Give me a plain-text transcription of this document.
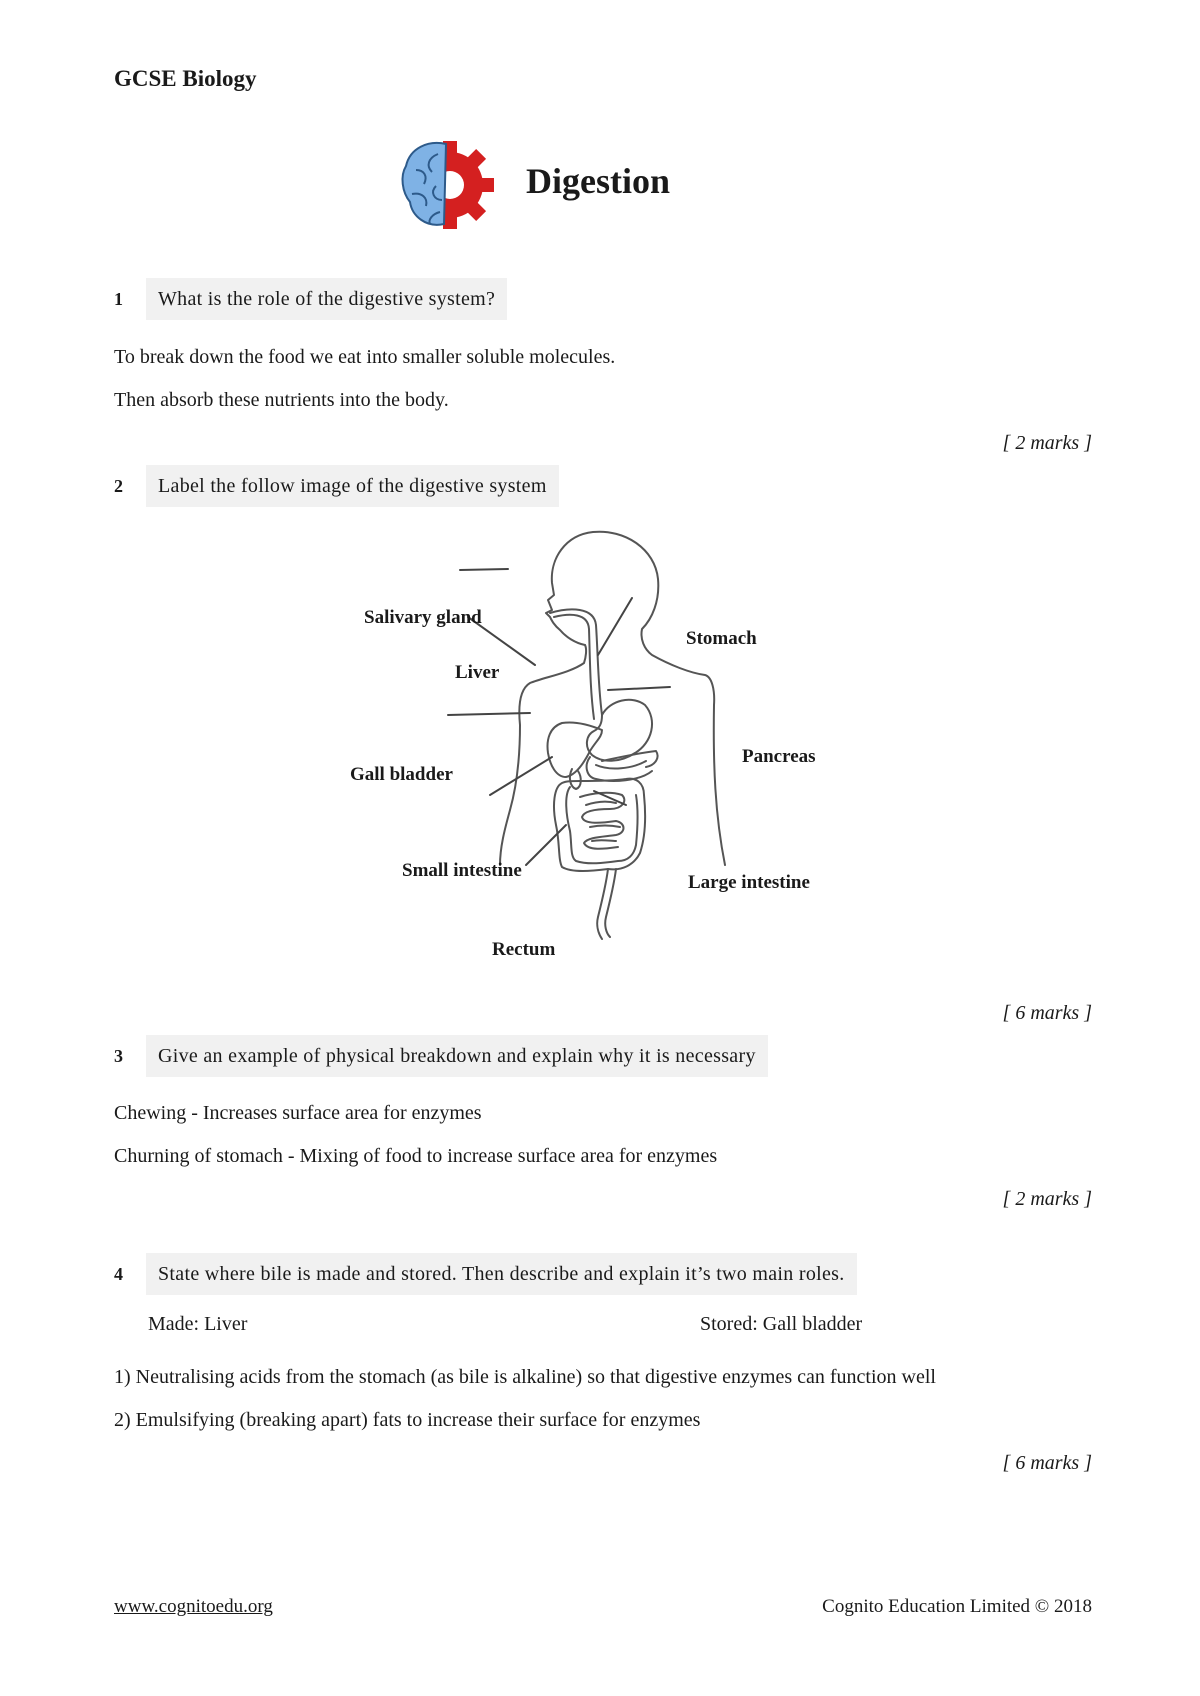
GCSE Biology
Digestion
1	What is the role of the digestive system?
To break down the food we eat into smaller soluble molecules.
Then absorb these nutrients into the body.
[ 2 marks ]
2	Label the follow image of the digestive system
Salivary gland
Liver
Stomach
Pancreas
Gall bladder
Small intestine
Large intestine
Rectum
[ 6 marks ]
3	Give an example of physical breakdown and explain why it is necessary
Chewing - Increases surface area for enzymes
Churning of stomach - Mixing of food to increase surface area for enzymes
[ 2 marks ]
4	State where bile is made and stored. Then describe and explain it’s two main roles.
Made: Liver	Stored: Gall bladder
1) Neutralising acids from the stomach (as bile is alkaline) so that digestive enzymes can function well
2) Emulsifying (breaking apart) fats to increase their surface for enzymes
[ 6 marks ]
www.cognitoedu.org	Cognito Education Limited © 2018
